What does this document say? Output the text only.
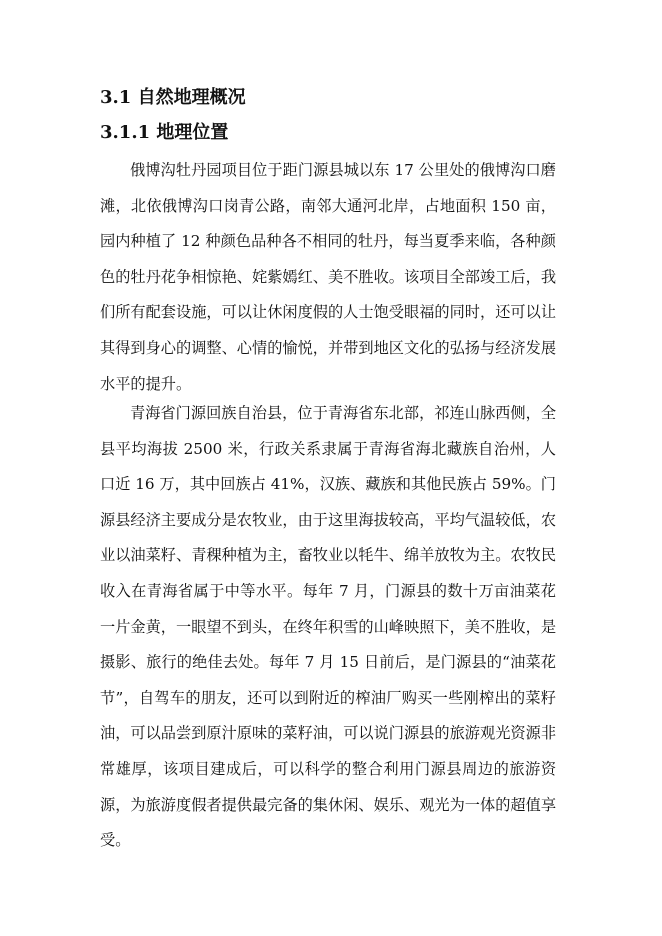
3.1 自然地理概况
3.1.1 地理位置

俄博沟牡丹园项目位于距门源县城以东 17 公里处的俄博沟口磨滩，北依俄博沟口岗青公路，南邻大通河北岸，占地面积 150 亩，园内种植了 12 种颜色品种各不相同的牡丹，每当夏季来临，各种颜色的牡丹花争相惊艳、姹紫嫣红、美不胜收。该项目全部竣工后，我们所有配套设施，可以让休闲度假的人士饱受眼福的同时，还可以让其得到身心的调整、心情的愉悦，并带到地区文化的弘扬与经济发展水平的提升。

青海省门源回族自治县，位于青海省东北部，祁连山脉西侧，全县平均海拔 2500 米，行政关系隶属于青海省海北藏族自治州，人口近 16 万，其中回族占 41%，汉族、藏族和其他民族占 59%。门源县经济主要成分是农牧业，由于这里海拔较高，平均气温较低，农业以油菜籽、青稞种植为主，畜牧业以牦牛、绵羊放牧为主。农牧民收入在青海省属于中等水平。每年 7 月，门源县的数十万亩油菜花一片金黄，一眼望不到头，在终年积雪的山峰映照下，美不胜收，是摄影、旅行的绝佳去处。每年 7 月 15 日前后，是门源县的“油菜花节”，自驾车的朋友，还可以到附近的榨油厂购买一些刚榨出的菜籽油，可以品尝到原汁原味的菜籽油，可以说门源县的旅游观光资源非常雄厚，该项目建成后，可以科学的整合利用门源县周边的旅游资源，为旅游度假者提供最完备的集休闲、娱乐、观光为一体的超值享受。
